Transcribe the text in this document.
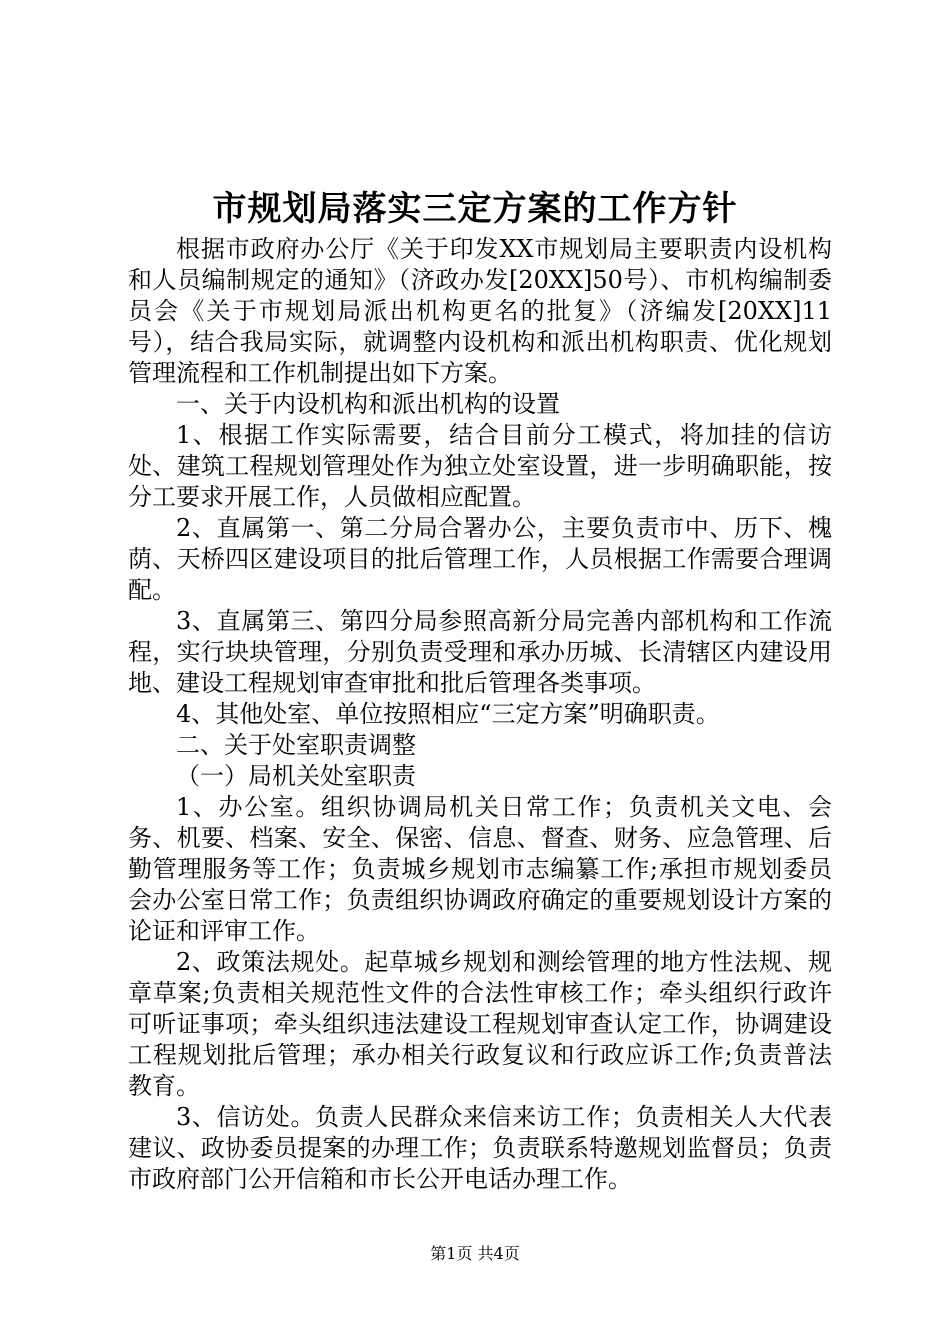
市规划局落实三定方案的工作方针

根据市政府办公厅《关于印发XX市规划局主要职责内设机构和人员编制规定的通知》（济政办发[20XX]50号）、市机构编制委员会《关于市规划局派出机构更名的批复》（济编发[20XX]11号），结合我局实际，就调整内设机构和派出机构职责、优化规划管理流程和工作机制提出如下方案。

一、关于内设机构和派出机构的设置

1、根据工作实际需要，结合目前分工模式，将加挂的信访处、建筑工程规划管理处作为独立处室设置，进一步明确职能，按分工要求开展工作，人员做相应配置。

2、直属第一、第二分局合署办公，主要负责市中、历下、槐荫、天桥四区建设项目的批后管理工作，人员根据工作需要合理调配。

3、直属第三、第四分局参照高新分局完善内部机构和工作流程，实行块块管理，分别负责受理和承办历城、长清辖区内建设用地、建设工程规划审查审批和批后管理各类事项。

4、其他处室、单位按照相应“三定方案”明确职责。

二、关于处室职责调整

（一）局机关处室职责

1、办公室。组织协调局机关日常工作；负责机关文电、会务、机要、档案、安全、保密、信息、督查、财务、应急管理、后勤管理服务等工作；负责城乡规划市志编纂工作;承担市规划委员会办公室日常工作；负责组织协调政府确定的重要规划设计方案的论证和评审工作。

2、政策法规处。起草城乡规划和测绘管理的地方性法规、规章草案;负责相关规范性文件的合法性审核工作；牵头组织行政许可听证事项；牵头组织违法建设工程规划审查认定工作，协调建设工程规划批后管理；承办相关行政复议和行政应诉工作;负责普法教育。

3、信访处。负责人民群众来信来访工作；负责相关人大代表建议、政协委员提案的办理工作；负责联系特邀规划监督员；负责市政府部门公开信箱和市长公开电话办理工作。

第1页 共4页
